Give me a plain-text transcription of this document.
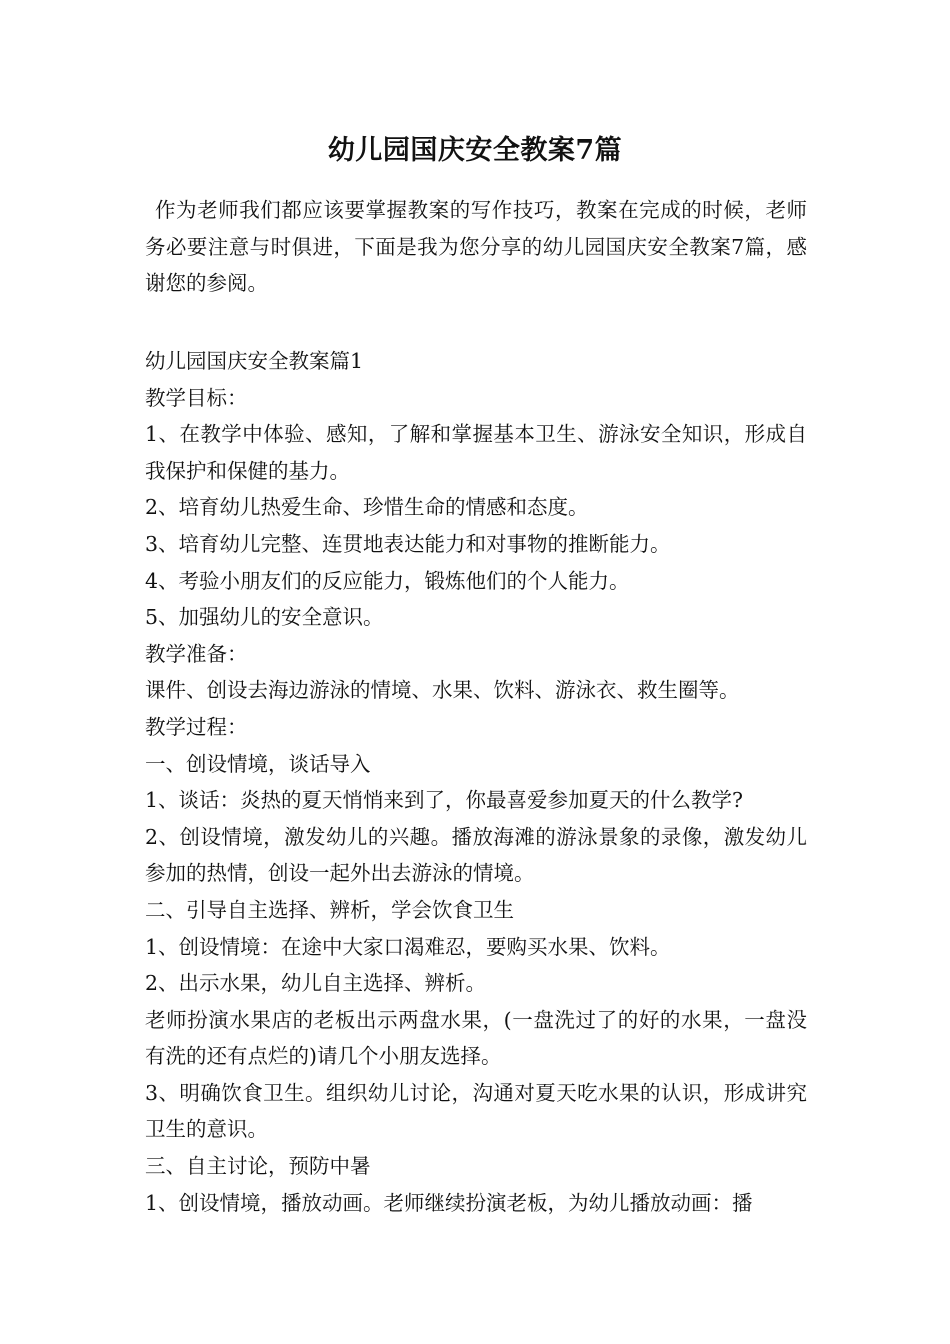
幼儿园国庆安全教案7篇

作为老师我们都应该要掌握教案的写作技巧，教案在完成的时候，老师务必要注意与时俱进，下面是我为您分享的幼儿园国庆安全教案7篇，感谢您的参阅。

幼儿园国庆安全教案篇1

教学目标：

1、在教学中体验、感知，了解和掌握基本卫生、游泳安全知识，形成自我保护和保健的基力。

2、培育幼儿热爱生命、珍惜生命的情感和态度。

3、培育幼儿完整、连贯地表达能力和对事物的推断能力。

4、考验小朋友们的反应能力，锻炼他们的个人能力。

5、加强幼儿的安全意识。

教学准备：

课件、创设去海边游泳的情境、水果、饮料、游泳衣、救生圈等。

教学过程：

一、创设情境，谈话导入

1、谈话：炎热的夏天悄悄来到了，你最喜爱参加夏天的什么教学?

2、创设情境，激发幼儿的兴趣。播放海滩的游泳景象的录像，激发幼儿参加的热情，创设一起外出去游泳的情境。

二、引导自主选择、辨析，学会饮食卫生

1、创设情境：在途中大家口渴难忍，要购买水果、饮料。

2、出示水果，幼儿自主选择、辨析。

老师扮演水果店的老板出示两盘水果，(一盘洗过了的好的水果，一盘没有洗的还有点烂的)请几个小朋友选择。

3、明确饮食卫生。组织幼儿讨论，沟通对夏天吃水果的认识，形成讲究卫生的意识。

三、自主讨论，预防中暑

1、创设情境，播放动画。老师继续扮演老板，为幼儿播放动画：播
